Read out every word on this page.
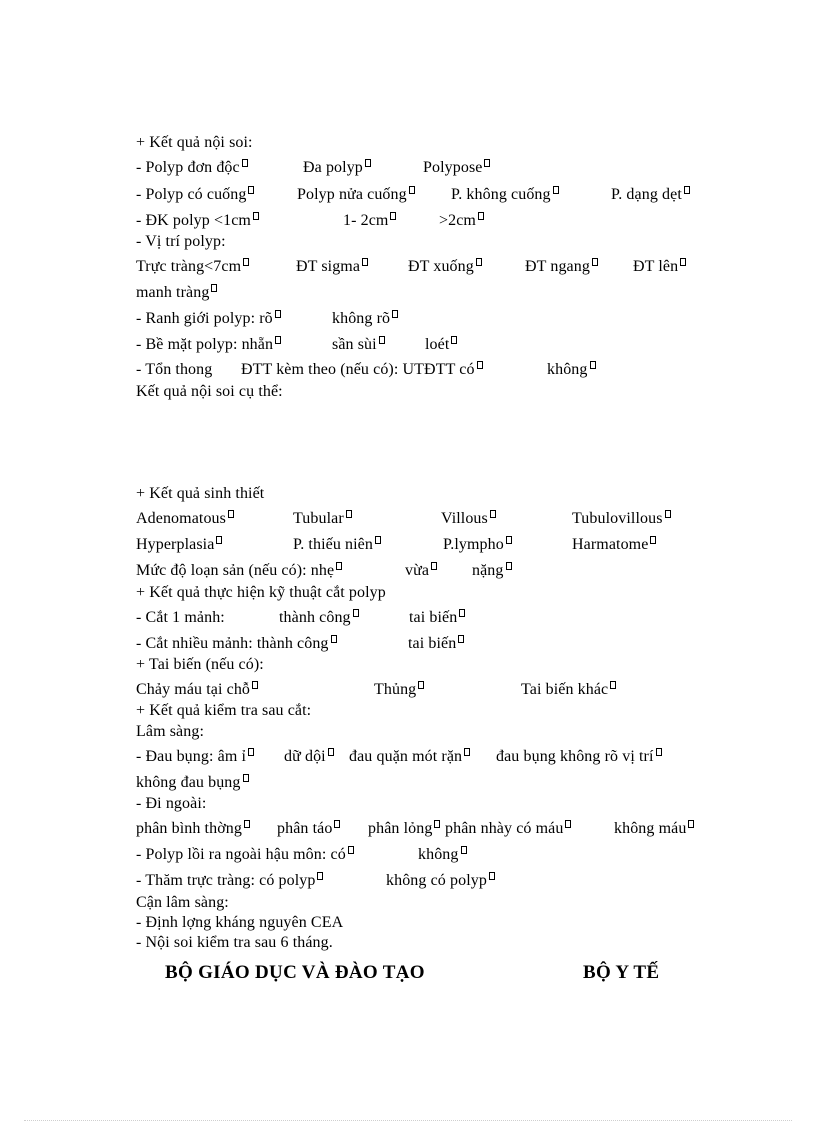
+ Kết quả nội soi:
- Polyp đơn độc	Đa polyp	Polypose
- Polyp có cuống	Polyp nửa cuống	P. không cuống	P. dạng dẹt
- ĐK polyp <1cm	1- 2cm	>2cm
- Vị trí polyp:
Trực tràng<7cm	ĐT sigma	ĐT xuống	ĐT ngang	ĐT lên
manh tràng
- Ranh giới polyp: rõ	không rõ
- Bề mặt polyp: nhẵn	sần sùi	loét
- Tổn thong ĐTT kèm theo (nếu có): UTĐTT có	không
Kết quả nội soi cụ thể:
+ Kết quả sinh thiết
Adenomatous	Tubular	Villous	Tubulovillous
Hyperplasia	P. thiếu niên	P.lympho	Harmatome
Mức độ loạn sản (nếu có): nhẹ	vừa	nặng
+ Kết quả thực hiện kỹ thuật cắt polyp
- Cắt 1 mảnh:	thành công	tai biến
- Cắt nhiều mảnh: thành công	tai biến
+ Tai biến (nếu có):
Chảy máu tại chỗ	Thủng	Tai biến khác
+ Kết quả kiểm tra sau cắt:
Lâm sàng:
- Đau bụng: âm ỉ	dữ dội	đau quặn mót rặn	đau bụng không rõ vị trí
không đau bụng
- Đi ngoài:
phân bình thờng	phân táo	phân lỏng phân nhày có máu	không máu
- Polyp lồi ra ngoài hậu môn: có	không
- Thăm trực tràng: có polyp	không có polyp
Cận lâm sàng:
- Định lợng kháng nguyên CEA
- Nội soi kiểm tra sau 6 tháng.
BỘ GIÁO DỤC VÀ ĐÀO TẠO	BỘ Y TẾ
